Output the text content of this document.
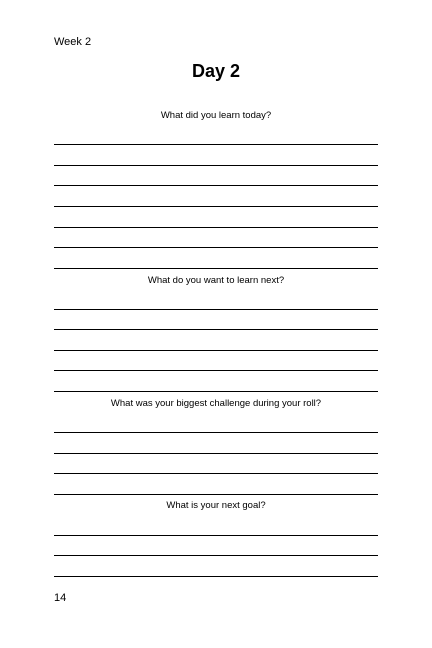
Week 2
Day 2
What did you learn today?
What do you want to learn next?
What was your biggest challenge during your roll?
What is your next goal?
14
